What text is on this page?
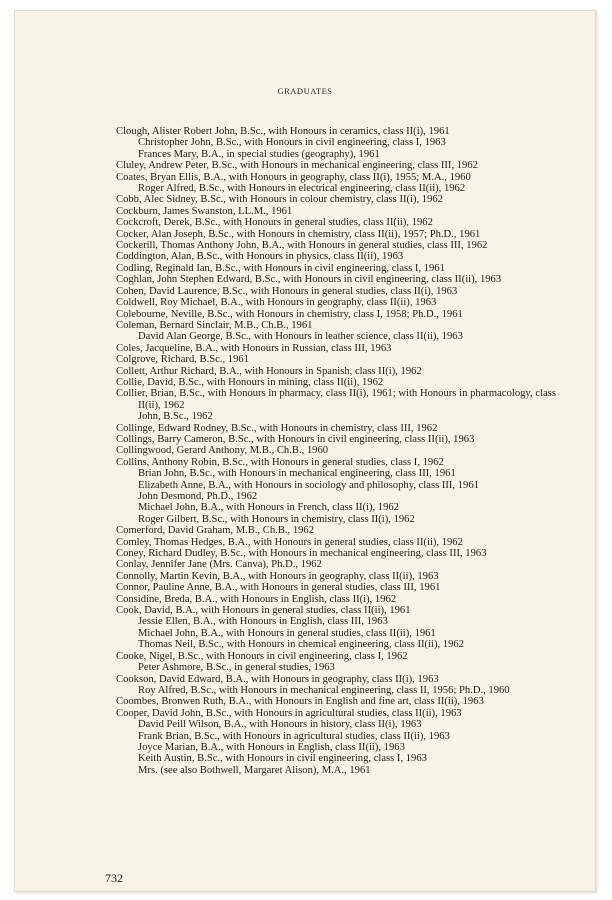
GRADUATES
Clough, Alister Robert John, B.Sc., with Honours in ceramics, class II(i), 1961
Christopher John, B.Sc., with Honours in civil engineering, class I, 1963
Frances Mary, B.A., in special studies (geography), 1961
Cluley, Andrew Peter, B.Sc., with Honours in mechanical engineering, class III, 1962
Coates, Bryan Ellis, B.A., with Honours in geography, class II(i), 1955; M.A., 1960
Roger Alfred, B.Sc., with Honours in electrical engineering, class II(ii), 1962
Cobb, Alec Sidney, B.Sc., with Honours in colour chemistry, class II(i), 1962
Cockburn, James Swanston, LL.M., 1961
Cockcroft, Derek, B.Sc., with Honours in general studies, class II(ii), 1962
Cocker, Alan Joseph, B.Sc., with Honours in chemistry, class II(ii), 1957; Ph.D., 1961
Cockerill, Thomas Anthony John, B.A., with Honours in general studies, class III, 1962
Coddington, Alan, B.Sc., with Honours in physics, class II(ii), 1963
Codling, Reginald Ian, B.Sc., with Honours in civil engineering, class I, 1961
Coghlan, John Stephen Edward, B.Sc., with Honours in civil engineering, class II(ii), 1963
Cohen, David Laurence, B.Sc., with Honours in general studies, class II(i), 1963
Coldwell, Roy Michael, B.A., with Honours in geography, class II(ii), 1963
Colebourne, Neville, B.Sc., with Honours in chemistry, class I, 1958; Ph.D., 1961
Coleman, Bernard Sinclair, M.B., Ch.B., 1961
David Alan George, B.Sc., with Honours in leather science, class II(ii), 1963
Coles, Jacqueline, B.A., with Honours in Russian, class III, 1963
Colgrove, Richard, B.Sc., 1961
Collett, Arthur Richard, B.A., with Honours in Spanish, class II(i), 1962
Collie, David, B.Sc., with Honours in mining, class II(ii), 1962
Collier, Brian, B.Sc., with Honours in pharmacy, class II(i), 1961; with Honours in pharmacology, class II(ii), 1962
John, B.Sc., 1962
Collinge, Edward Rodney, B.Sc., with Honours in chemistry, class III, 1962
Collings, Barry Cameron, B.Sc., with Honours in civil engineering, class II(ii), 1963
Collingwood, Gerard Anthony, M.B., Ch.B., 1960
Collins, Anthony Robin, B.Sc., with Honours in general studies, class I, 1962
Brian John, B.Sc., with Honours in mechanical engineering, class III, 1961
Elizabeth Anne, B.A., with Honours in sociology and philosophy, class III, 1961
John Desmond, Ph.D., 1962
Michael John, B.A., with Honours in French, class II(i), 1962
Roger Gilbert, B.Sc., with Honours in chemistry, class II(i), 1962
Comerford, David Graham, M.B., Ch.B., 1962
Comley, Thomas Hedges, B.A., with Honours in general studies, class II(ii), 1962
Coney, Richard Dudley, B.Sc., with Honours in mechanical engineering, class III, 1963
Conlay, Jennifer Jane (Mrs. Canva), Ph.D., 1962
Connolly, Martin Kevin, B.A., with Honours in geography, class II(ii), 1963
Connor, Pauline Anne, B.A., with Honours in general studies, class III, 1961
Considine, Breda, B.A., with Honours in English, class II(i), 1962
Cook, David, B.A., with Honours in general studies, class II(ii), 1961
Jessie Ellen, B.A., with Honours in English, class III, 1963
Michael John, B.A., with Honours in general studies, class II(ii), 1961
Thomas Neil, B.Sc., with Honours in chemical engineering, class II(ii), 1962
Cooke, Nigel, B.Sc., with Honours in civil engineering, class I, 1962
Peter Ashmore, B.Sc., in general studies, 1963
Cookson, David Edward, B.A., with Honours in geography, class II(i), 1963
Roy Alfred, B.Sc., with Honours in mechanical engineering, class II, 1956; Ph.D., 1960
Coombes, Bronwen Ruth, B.A., with Honours in English and fine art, class II(ii), 1963
Cooper, David John, B.Sc., with Honours in agricultural studies, class II(ii), 1963
David Peill Wilson, B.A., with Honours in history, class II(i), 1963
Frank Brian, B.Sc., with Honours in agricultural studies, class II(ii), 1963
Joyce Marian, B.A., with Honours in English, class II(ii), 1963
Keith Austin, B.Sc., with Honours in civil engineering, class I, 1963
Mrs. (see also Bothwell, Margaret Alison), M.A., 1961
732
